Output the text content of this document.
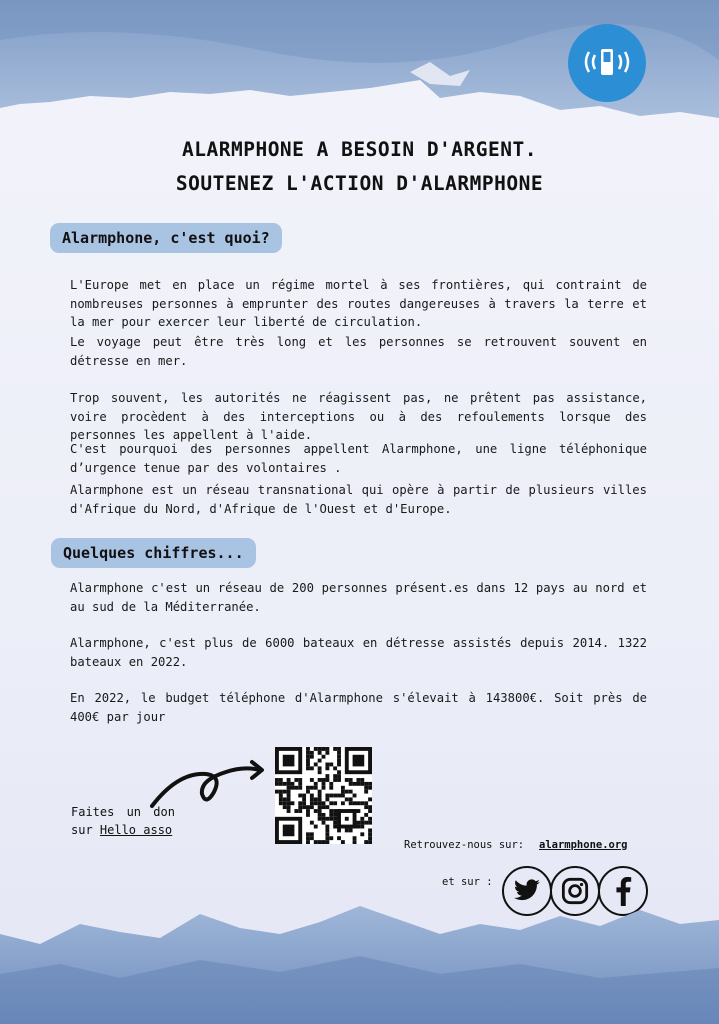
ALARMPHONE A BESOIN D'ARGENT.
SOUTENEZ L'ACTION D'ALARMPHONE
Alarmphone, c'est quoi?
L'Europe met en place un régime mortel à ses frontières, qui contraint de nombreuses personnes à emprunter des routes dangereuses à travers la terre et la mer pour exercer leur liberté de circulation.
Le voyage peut être très long et les personnes se retrouvent souvent en détresse en mer.
Trop souvent, les autorités ne réagissent pas, ne prêtent pas assistance, voire procèdent à des interceptions ou à des refoulements lorsque des personnes les appellent à l'aide.
C'est pourquoi des personnes appellent Alarmphone, une ligne téléphonique d’urgence tenue par des volontaires .
Alarmphone est un réseau transnational qui opère à partir de plusieurs villes d'Afrique du Nord, d'Afrique de l'Ouest et d'Europe.
Quelques chiffres...
Alarmphone c'est un réseau de 200 personnes présent.es dans 12 pays au nord et au sud de la Méditerranée.
Alarmphone, c'est plus de 6000 bateaux en détresse assistés depuis 2014. 1322 bateaux en 2022.
En 2022, le budget téléphone d'Alarmphone s'élevait à 143800€. Soit près de 400€ par jour
Faites un don
sur Hello asso
Retrouvez-nous sur: alarmphone.org
et sur :
